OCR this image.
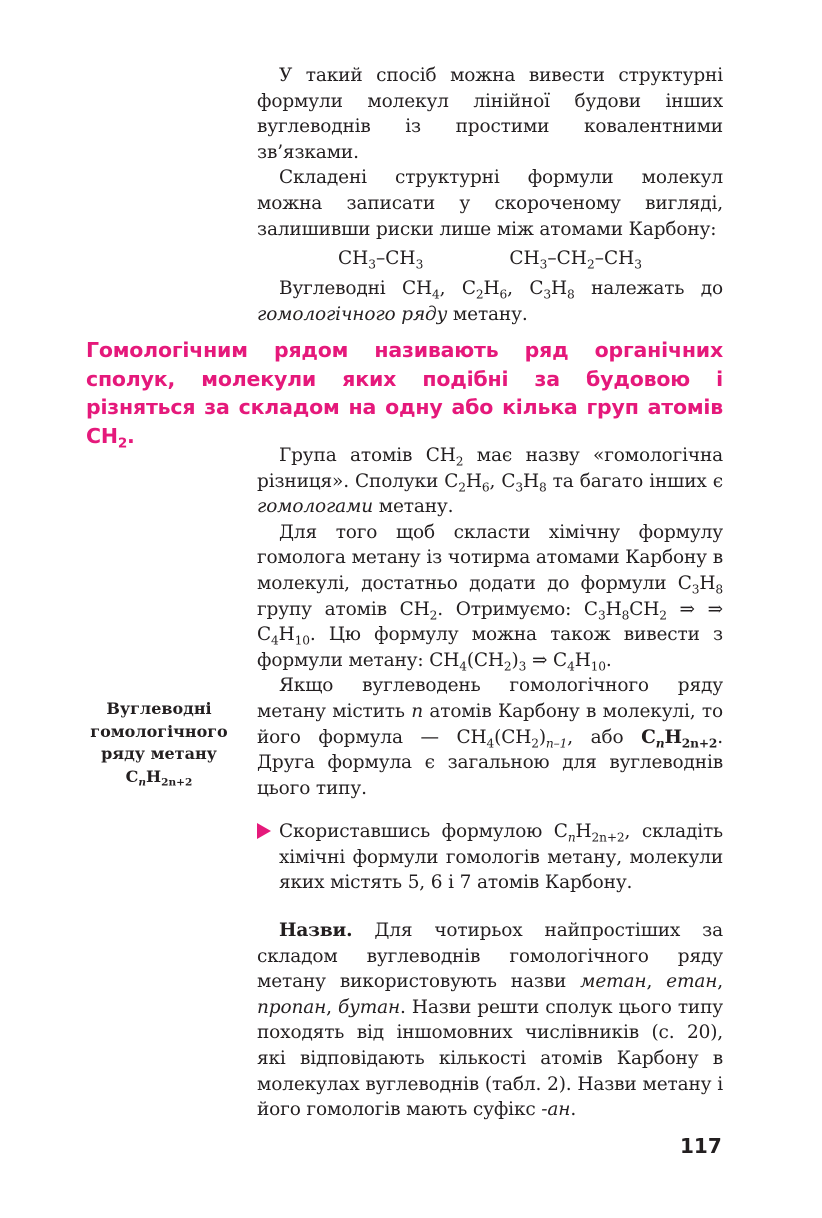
У такий спосіб можна вивести структурні формули молекул лінійної будови інших вуглеводнів із простими ковалентними зв’язками.

Складені структурні формули молекул можна записати у скороченому вигляді, залишивши риски лише між атомами Карбону:

$CH_3-CH_3$	$CH_3-CH_2-CH_3$

Вуглеводні $CH_4$, $C_2H_6$, $C_3H_8$ належать до гомологічного ряду метану.

Гомологічним рядом називають ряд органічних сполук, молекули яких подібні за будовою і різняться за складом на одну або кілька груп атомів $CH_2$.

Група атомів $CH_2$ має назву «гомологічна різниця». Сполуки $C_2H_6$, $C_3H_8$ та багато інших є гомологами метану.

Для того щоб скласти хімічну формулу гомолога метану із чотирма атомами Карбону в молекулі, достатньо додати до формули $C_3H_8$ групу атомів $CH_2$. Отримуємо: $C_3H_8CH_2$ ⇒ ⇒ $C_4H_{10}$. Цю формулу можна також вивести з формули метану: $CH_4(CH_2)_3$ ⇒ $C_4H_{10}$.

Якщо вуглеводень гомологічного ряду метану містить n атомів Карбону в молекулі, то його формула — $CH_4(CH_2)_{n-1}$, або $C_nH_{2n+2}$. Друга формула є загальною для вуглеводнів цього типу.

Вуглеводні
гомологічного
ряду метану
$C_nH_{2n+2}$
Скориставшись формулою $C_nH_{2n+2}$, складіть хімічні формули гомологів метану, молекули яких містять 5, 6 і 7 атомів Карбону.

Назви. Для чотирьох найпростіших за складом вуглеводнів гомологічного ряду метану використовують назви метан, етан, пропан, бутан. Назви решти сполук цього типу походять від іншомовних числівників (с. 20), які відповідають кількості атомів Карбону в молекулах вуглеводнів (табл. 2). Назви метану і його гомологів мають суфікс -ан.

117
